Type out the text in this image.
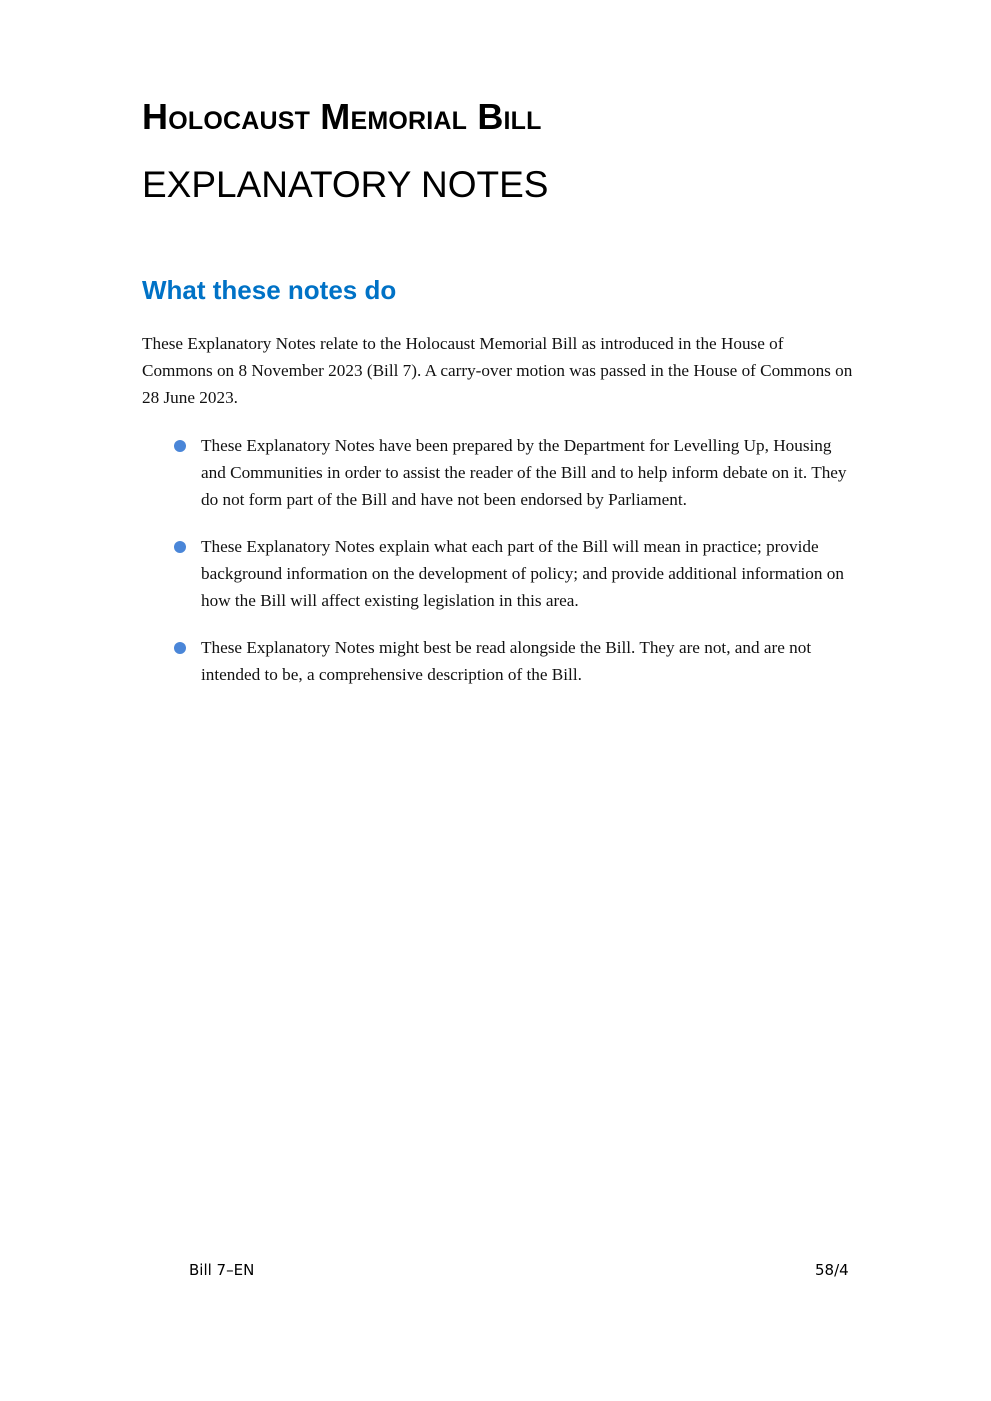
Holocaust Memorial Bill
EXPLANATORY NOTES
What these notes do
These Explanatory Notes relate to the Holocaust Memorial Bill as introduced in the House of
Commons on 8 November 2023 (Bill 7). A carry-over motion was passed in the House of Commons on
28 June 2023.
These Explanatory Notes have been prepared by the Department for Levelling Up, Housing
and Communities in order to assist the reader of the Bill and to help inform debate on it. They
do not form part of the Bill and have not been endorsed by Parliament.
These Explanatory Notes explain what each part of the Bill will mean in practice; provide
background information on the development of policy; and provide additional information on
how the Bill will affect existing legislation in this area.
These Explanatory Notes might best be read alongside the Bill. They are not, and are not
intended to be, a comprehensive description of the Bill.
Bill 7–EN	58/4
